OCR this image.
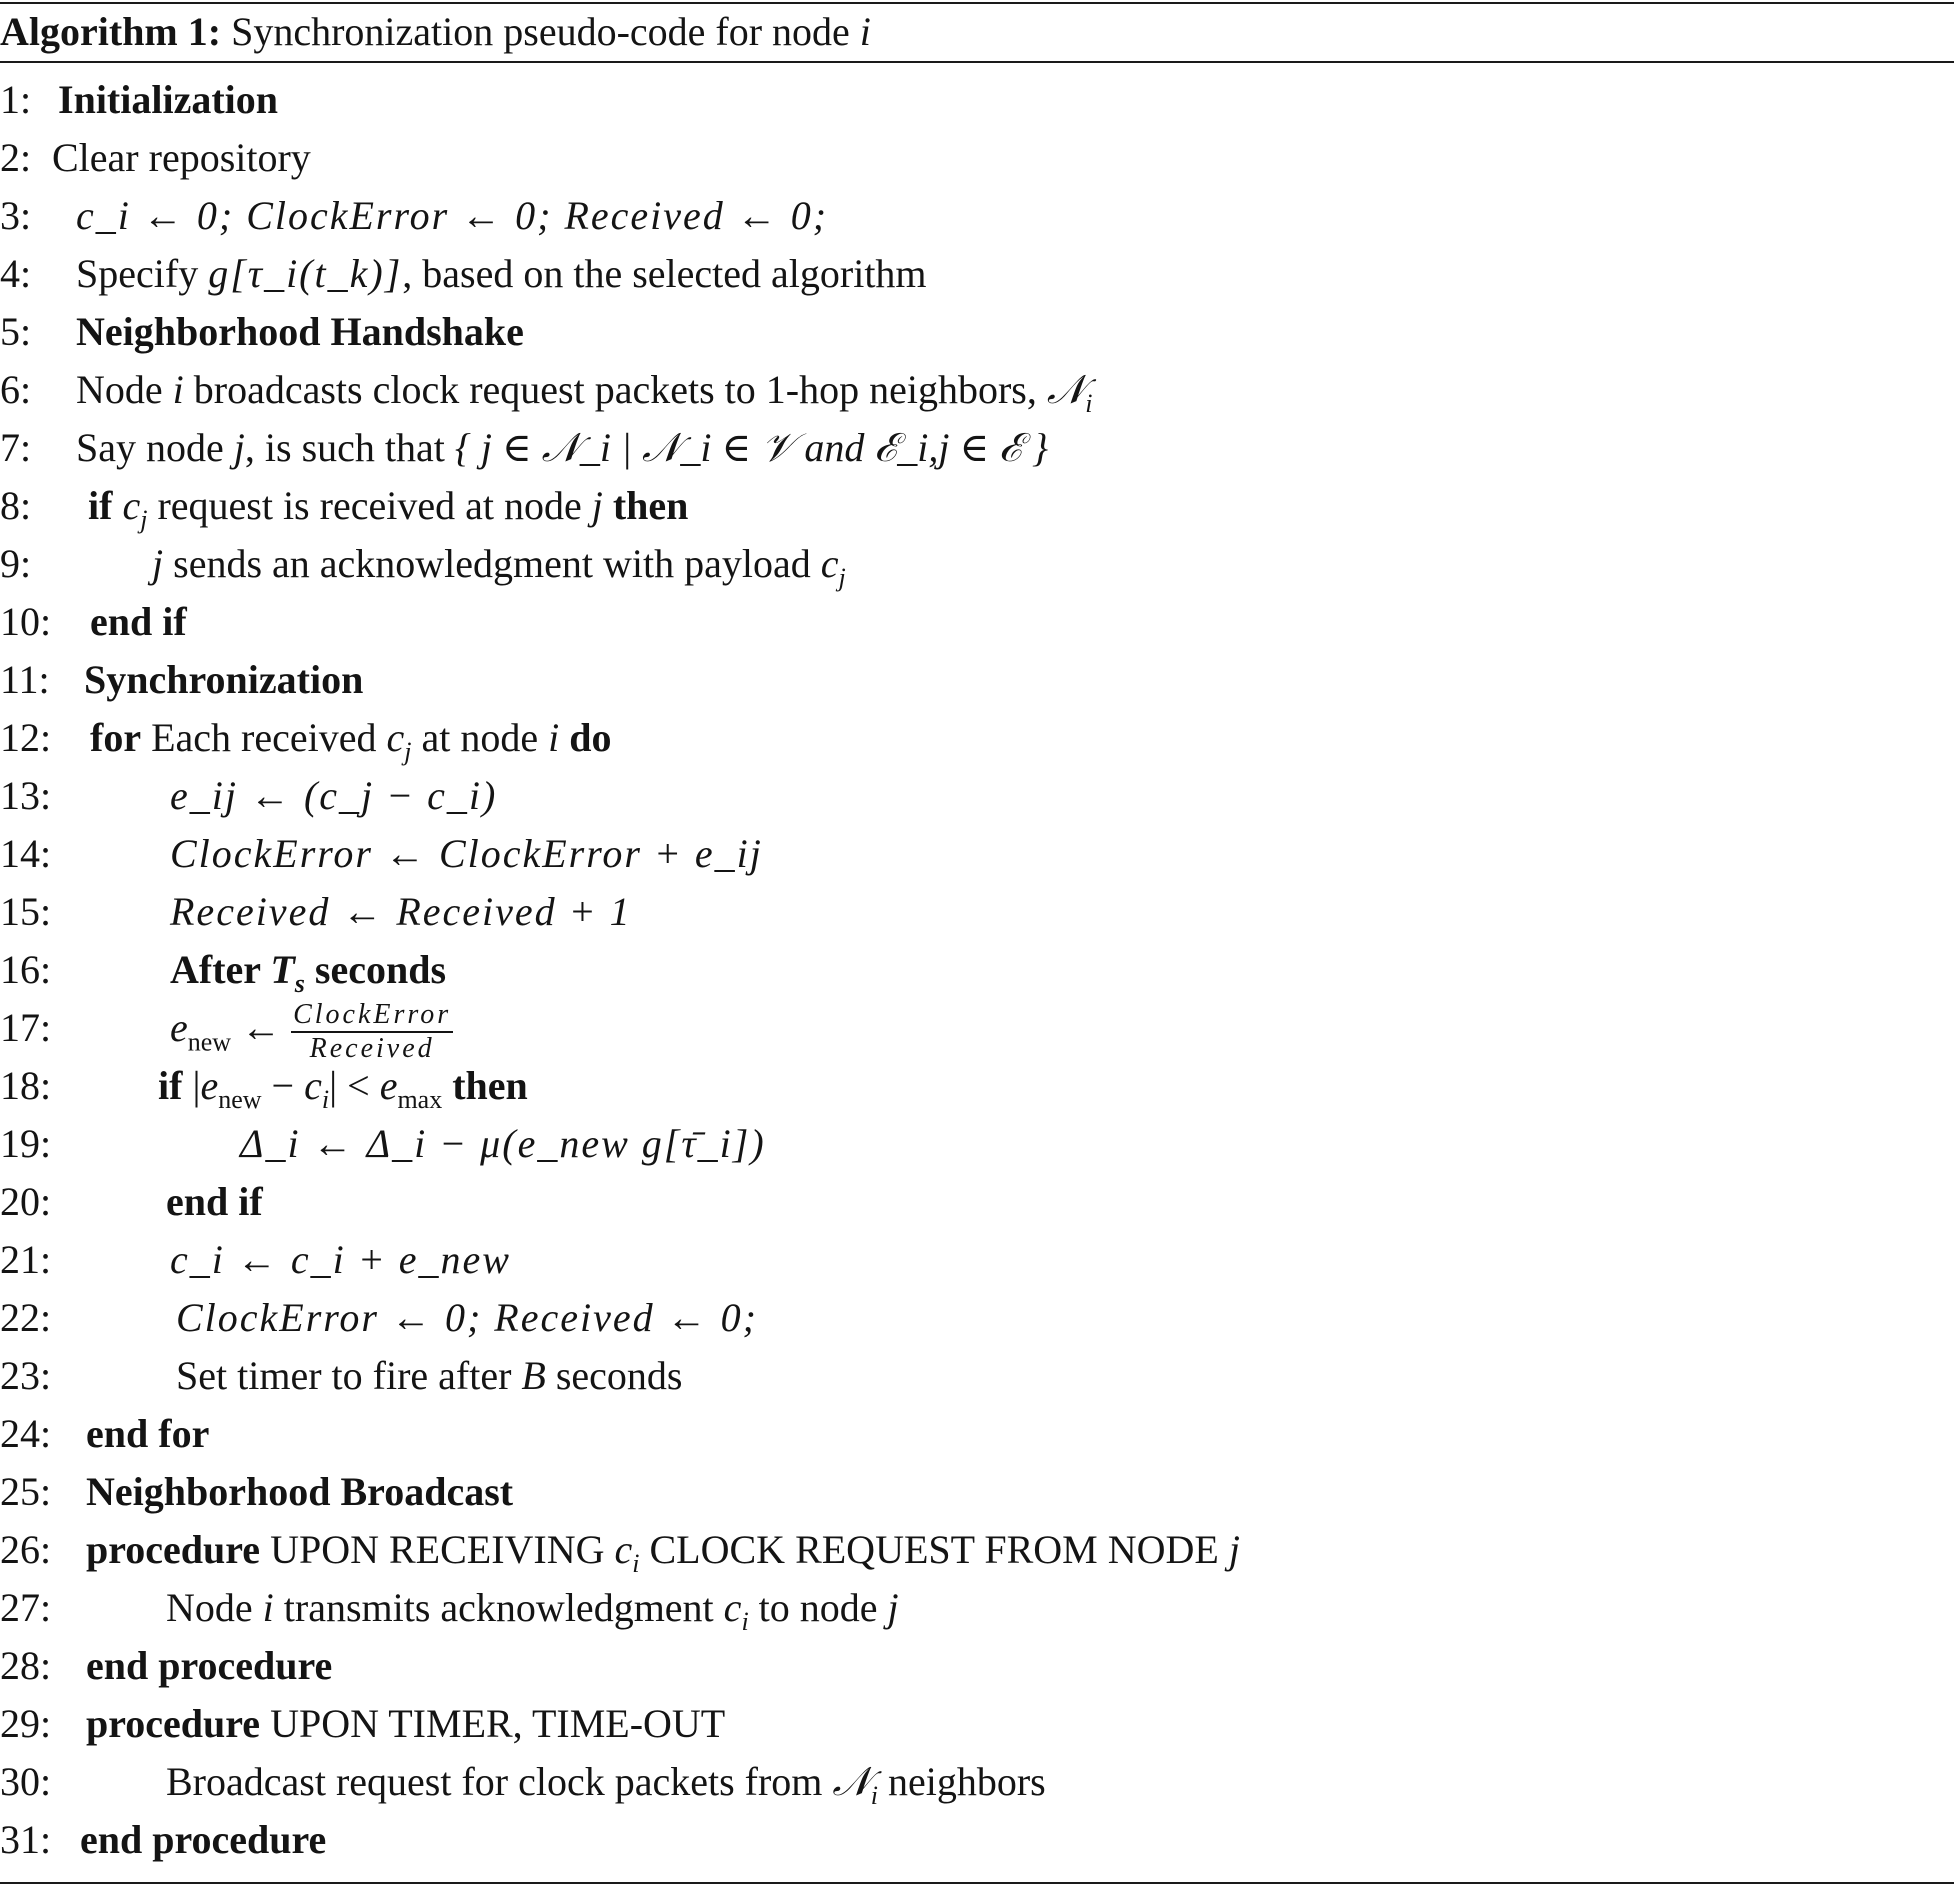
Algorithm 1: Synchronization pseudo-code for node i
1: Initialization
2: Clear repository
3: c_i ← 0; ClockError ← 0; Received ← 0;
4: Specify g[τ_i(t_k)], based on the selected algorithm
5: Neighborhood Handshake
6: Node i broadcasts clock request packets to 1-hop neighbors, 𝒩$_i$
7: Say node j, is such that { j ∈ 𝒩_i | 𝒩_i ∈ 𝒱 and ℰ_i,j ∈ ℰ }
8: if $c_j$ request is received at node j then
9:	j sends an acknowledgment with payload $c_j$
10: end if
11: Synchronization
12: for Each received $c_j$ at node i do
13:	e_ij ← (c_j − c_i)
14:	ClockError ← ClockError + e_ij
15:	Received ← Received + 1
16:	After $T_s$ seconds
17:	$e_{new}$ ← $\frac{\text{ClockError}}{\text{Received}}$
18:	if $|e_{new} - c_i| < e_{max}$ then
19:	Δ_i ← Δ_i − μ(e_new g[τ̄_i])
20:	end if
21:	c_i ← c_i + e_new
22:	ClockError ← 0; Received ← 0;
23:	Set timer to fire after B seconds
24: end for
25: Neighborhood Broadcast
26: procedure UPON RECEIVING $c_i$ CLOCK REQUEST FROM NODE j
27:	Node i transmits acknowledgment $c_i$ to node j
28: end procedure
29: procedure UPON TIMER, TIME-OUT
30:	Broadcast request for clock packets from 𝒩$_i$ neighbors
31: end procedure
